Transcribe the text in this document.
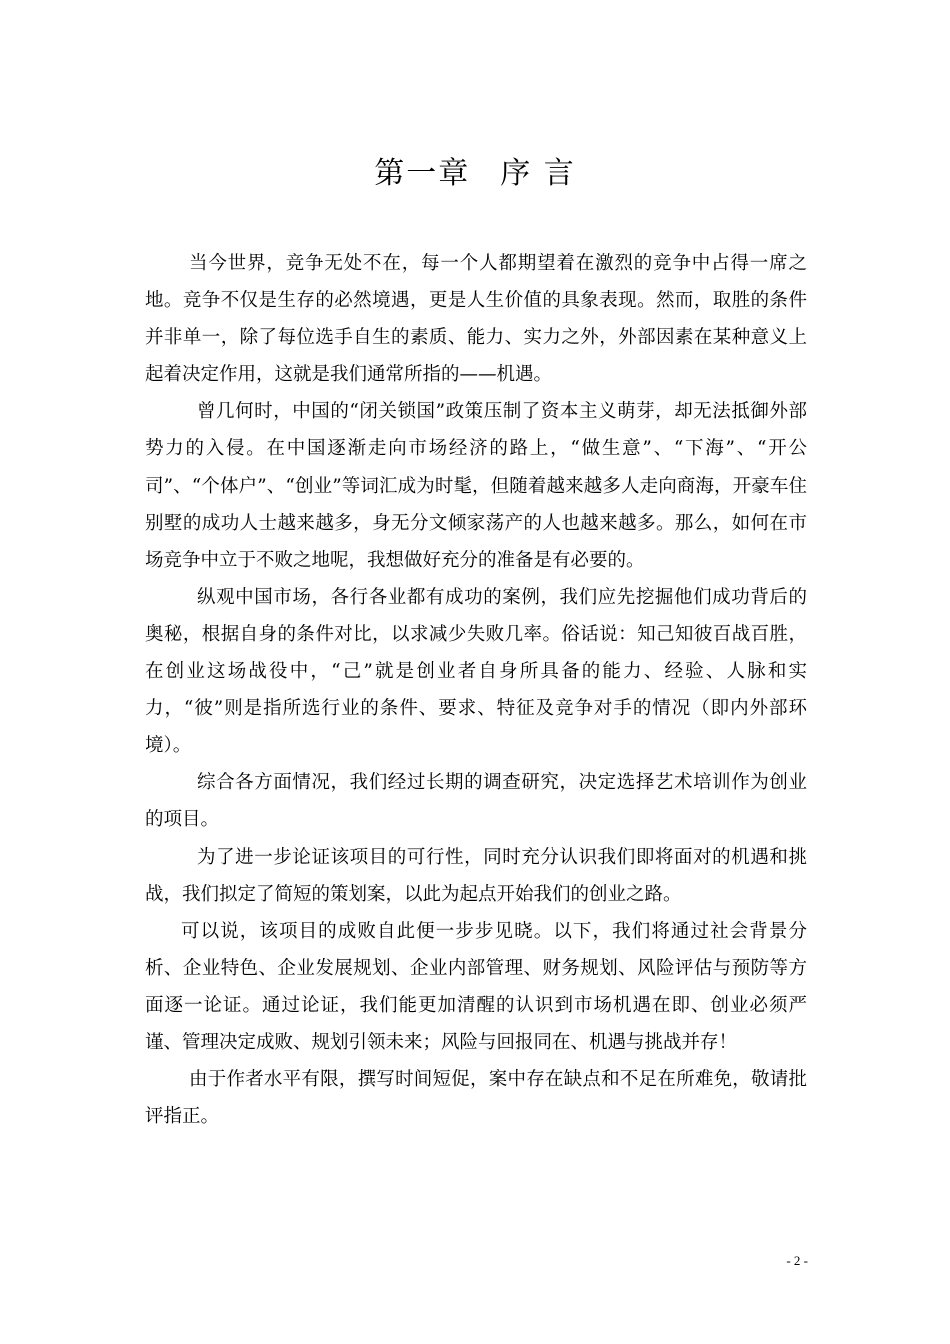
第一章 序 言

当今世界，竞争无处不在，每一个人都期望着在激烈的竞争中占得一席之地。竞争不仅是生存的必然境遇，更是人生价值的具象表现。然而，取胜的条件并非单一，除了每位选手自生的素质、能力、实力之外，外部因素在某种意义上起着决定作用，这就是我们通常所指的——机遇。

曾几何时，中国的“闭关锁国”政策压制了资本主义萌芽，却无法抵御外部势力的入侵。在中国逐渐走向市场经济的路上，“做生意”、“下海”、“开公司”、“个体户”、“创业”等词汇成为时髦，但随着越来越多人走向商海，开豪车住别墅的成功人士越来越多，身无分文倾家荡产的人也越来越多。那么，如何在市场竞争中立于不败之地呢，我想做好充分的准备是有必要的。

纵观中国市场，各行各业都有成功的案例，我们应先挖掘他们成功背后的奥秘，根据自身的条件对比，以求减少失败几率。俗话说：知己知彼百战百胜，在创业这场战役中，“己”就是创业者自身所具备的能力、经验、人脉和实力，“彼”则是指所选行业的条件、要求、特征及竞争对手的情况（即内外部环境）。

综合各方面情况，我们经过长期的调查研究，决定选择艺术培训作为创业的项目。

为了进一步论证该项目的可行性，同时充分认识我们即将面对的机遇和挑战，我们拟定了简短的策划案，以此为起点开始我们的创业之路。

可以说，该项目的成败自此便一步步见晓。以下，我们将通过社会背景分析、企业特色、企业发展规划、企业内部管理、财务规划、风险评估与预防等方面逐一论证。通过论证，我们能更加清醒的认识到市场机遇在即、创业必须严谨、管理决定成败、规划引领未来；风险与回报同在、机遇与挑战并存！

由于作者水平有限，撰写时间短促，案中存在缺点和不足在所难免，敬请批评指正。

- 2 -
